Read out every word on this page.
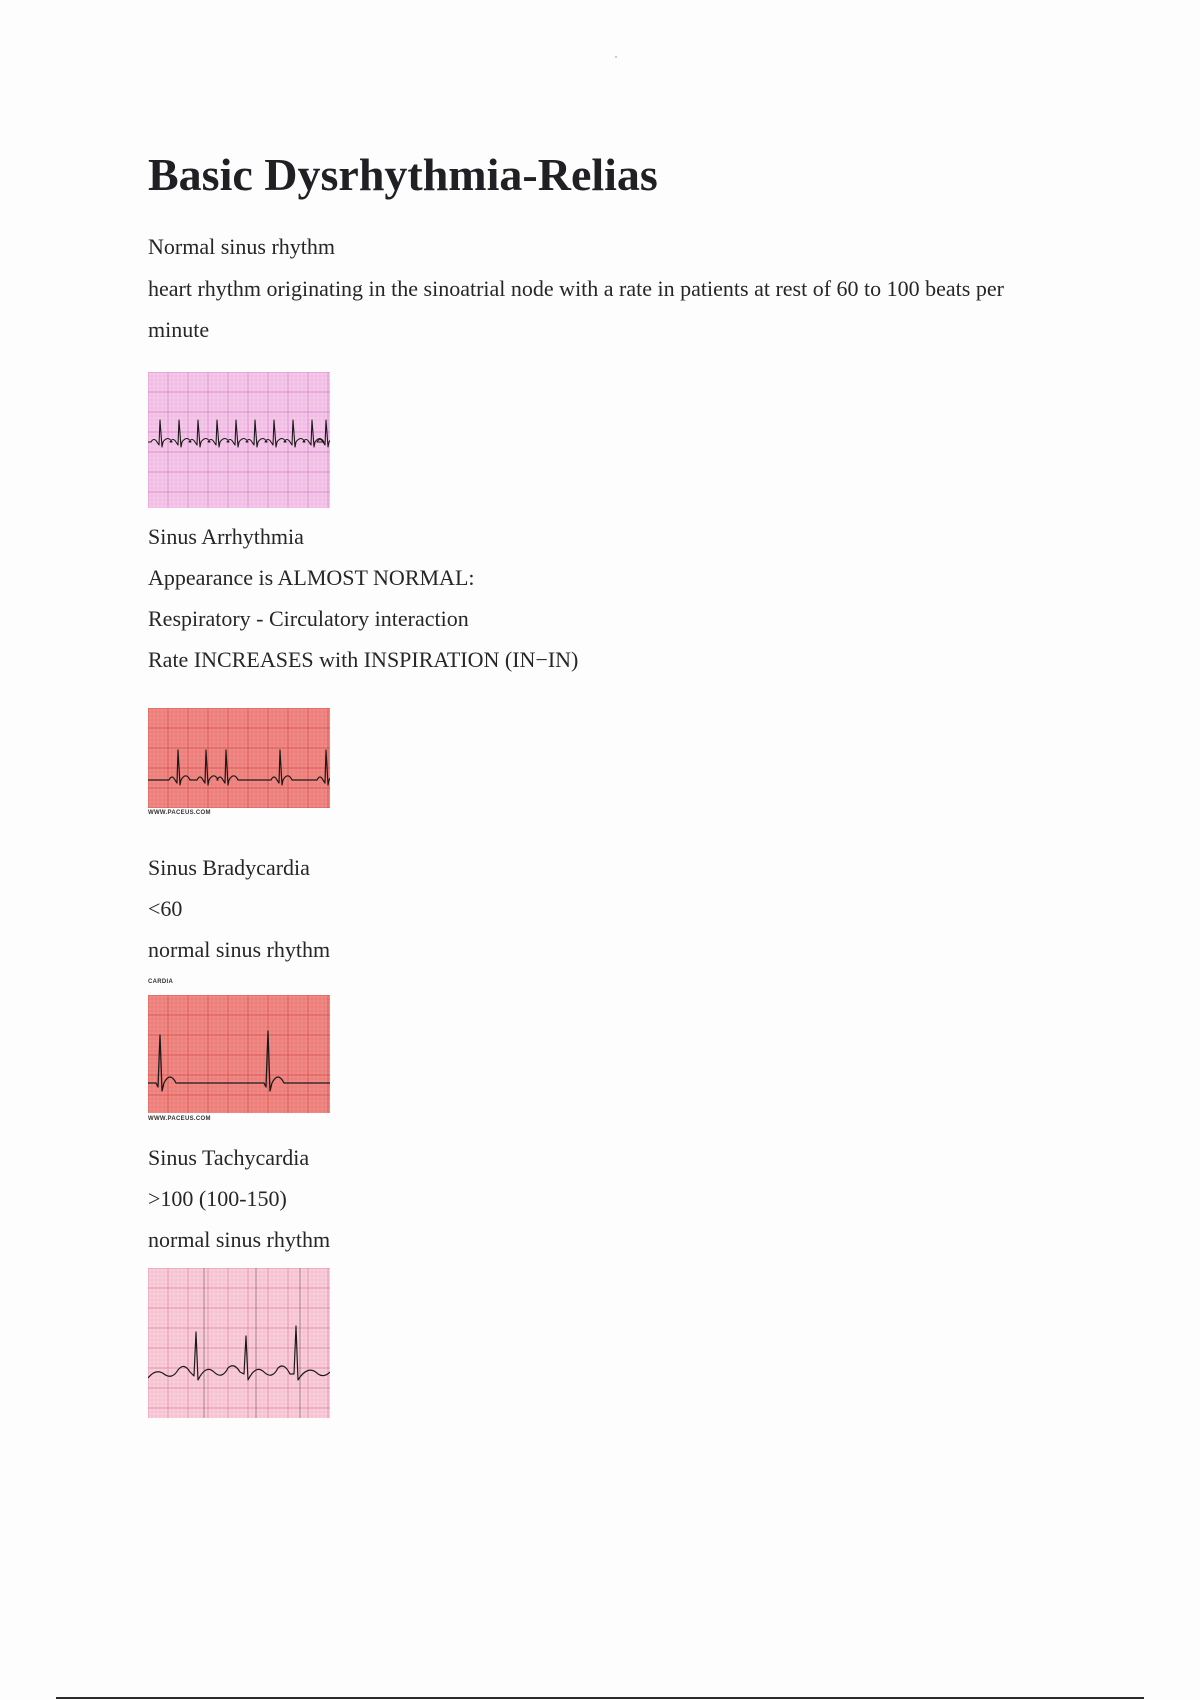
Basic Dysrhythmia-Relias

Normal sinus rhythm

heart rhythm originating in the sinoatrial node with a rate in patients at rest of 60 to 100 beats per

minute

Sinus Arrhythmia

Appearance is ALMOST NORMAL:

Respiratory - Circulatory interaction

Rate INCREASES with INSPIRATION (IN−IN)

WWW.PACEUS.COM

Sinus Bradycardia

<60

normal sinus rhythm

CARDIA
WWW.PACEUS.COM

Sinus Tachycardia

>100 (100-150)

normal sinus rhythm
